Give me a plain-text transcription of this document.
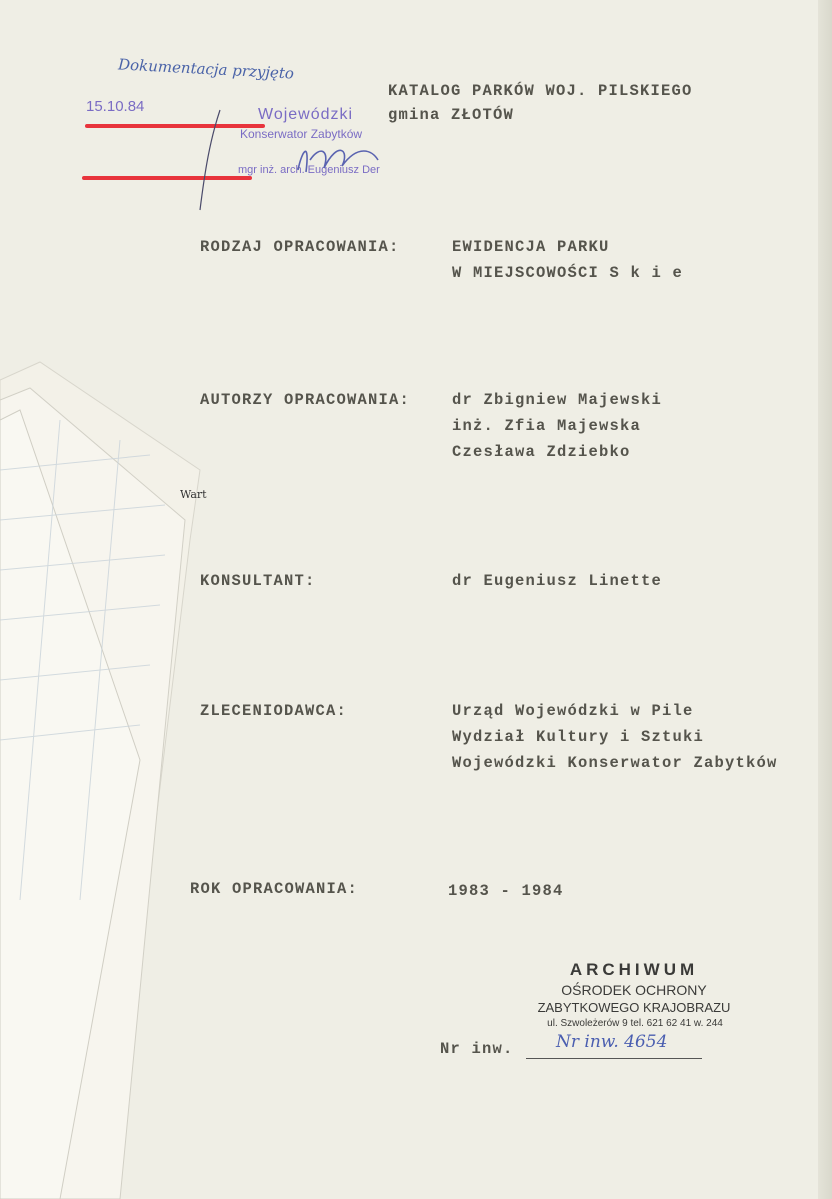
Wart
Dokumentacja przyjęto
15.10.84	Wojewódzki
Konserwator Zabytków
mgr inż. arch. Eugeniusz Der
KATALOG PARKÓW WOJ. PILSKIEGO
gmina ZŁOTÓW
RODZAJ OPRACOWANIA:	EWIDENCJA PARKU
W MIEJSCOWOŚCI S k i e
AUTORZY OPRACOWANIA:	dr Zbigniew Majewski
inż. Zfia Majewska
Czesława Zdziebko
KONSULTANT:	dr Eugeniusz Linette
ZLECENIODAWCA:	Urząd Wojewódzki w Pile
Wydział Kultury i Sztuki
Wojewódzki Konserwator Zabytków
ROK OPRACOWANIA:	1983 - 1984
ARCHIWUM
OŚRODEK OCHRONY
ZABYTKOWEGO KRAJOBRAZU
ul. Szwoleżerów 9 tel. 621 62 41 w. 244
Nr inw. Nr inw. 4654
